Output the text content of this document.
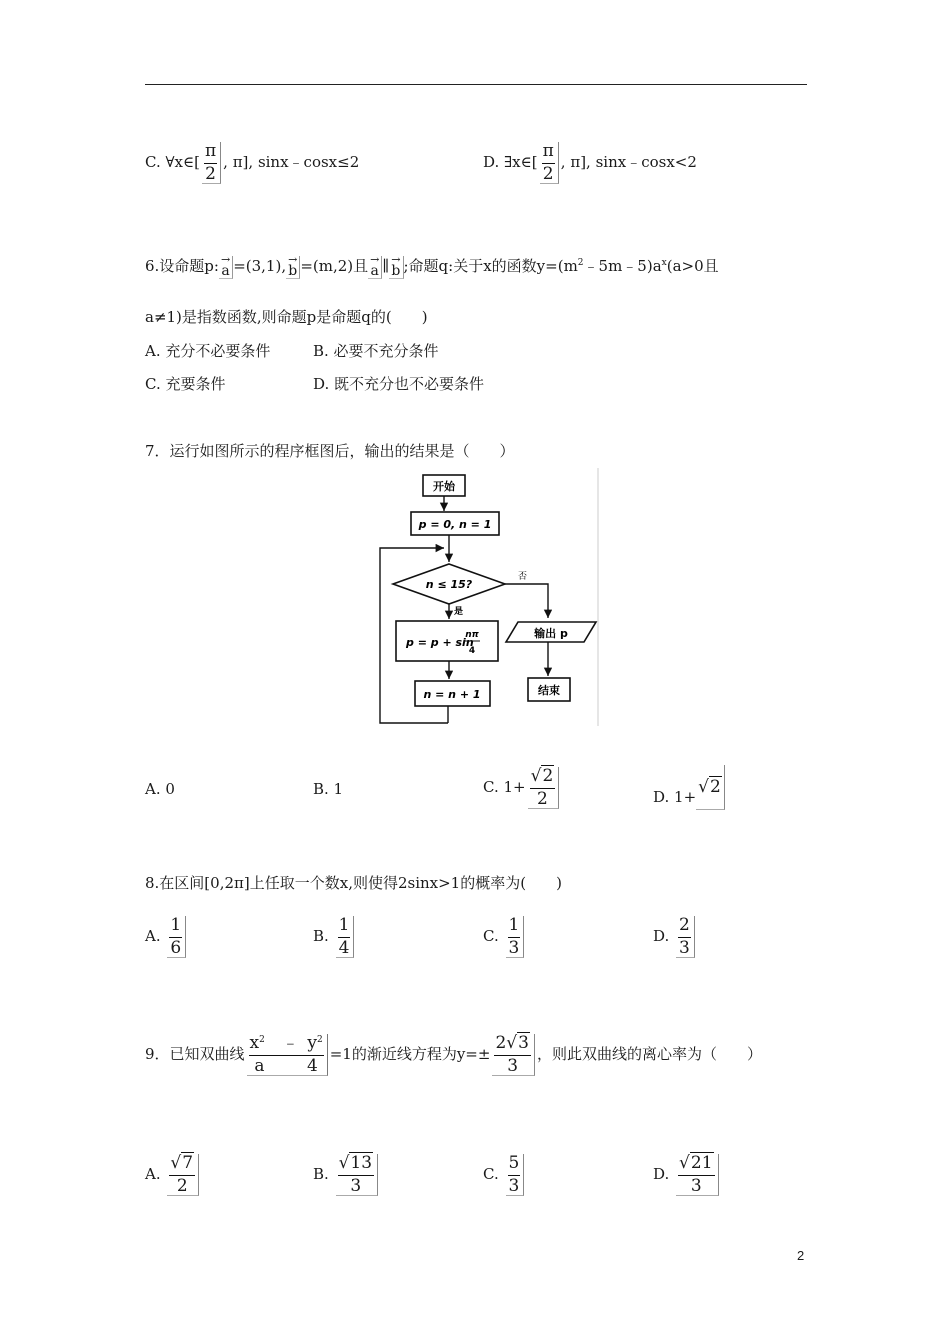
C. ∀x∈[ $\frac{\pi}{2}$ , π], sinx﹣cosx≤2	D. ∃x∈[ $\frac{\pi}{2}$ , π], sinx﹣cosx<2
6.设命题p: →
a =(3,1), →
b =(m,2)且 →
a ∥ →
b ;命题q:关于x的函数$y=(m^2﹣5m﹣5)a^x(a>0$且
a≠1)是指数函数,则命题p是命题q的(　　)
A. 充分不必要条件	B. 必要不充分条件
C. 充要条件	D. 既不充分也不必要条件
7．运行如图所示的程序框图后，输出的结果是（　　）
开始
p = 0, n = 1
n ≤ 15?
否
是
p = p + sin
nπ
4
n = n + 1
输出 p
结束
A. 0	B. 1	C. $1+ \frac{√2}{2}$	D. 1+ √2
8.在区间[0,2π]上任取一个数x,则使得2sinx>1的概率为(　　)
A. $\frac{1}{6}$	B. $\frac{1}{4}$	C. $\frac{1}{3}$	D. $\frac{2}{3}$
9．已知双曲线 $x^2$  ﹣  $y^2$
a   	4 =1的渐近线方程为$y=\pm \frac{2√3}{3}$ ，则此双曲线的离心率为（　　）
A. $\frac{√7}{2}$	B. $\frac{√13}{3}$	C. $\frac{5}{3}$	D. $\frac{√21}{3}$
2
